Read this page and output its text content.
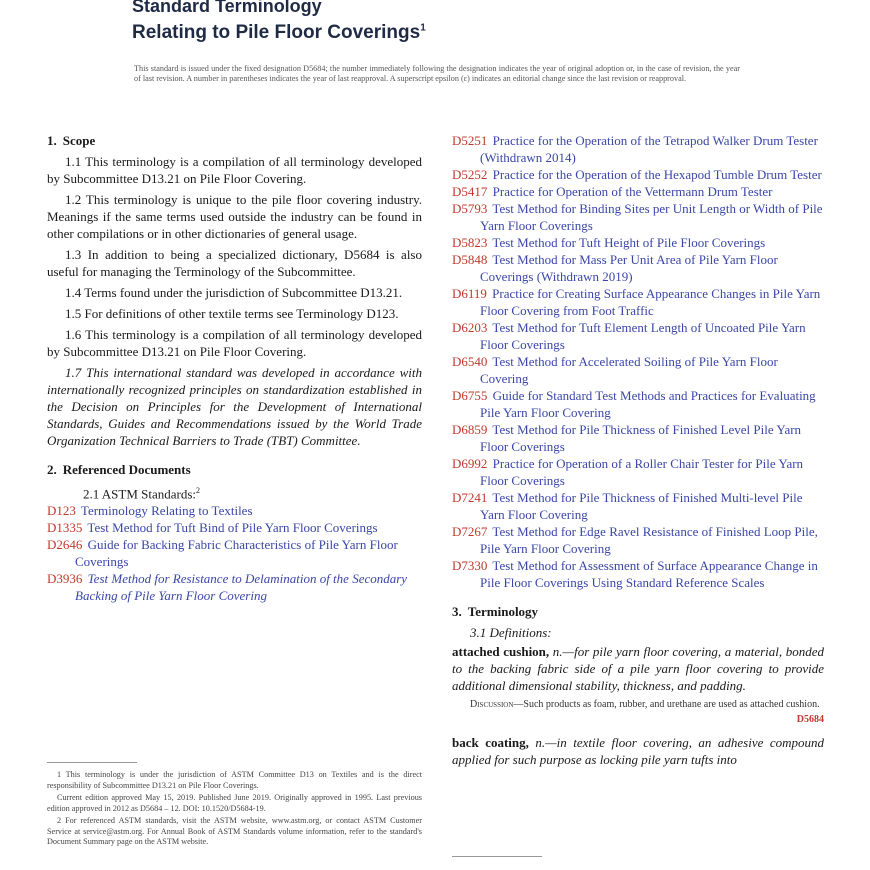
Standard Terminology
Relating to Pile Floor Coverings$^1$
This standard is issued under the fixed designation D5684; the number immediately following the designation indicates the year of original adoption or, in the case of revision, the year of last revision. A number in parentheses indicates the year of last reapproval. A superscript epsilon (ε) indicates an editorial change since the last revision or reapproval.
1. Scope

1.1 This terminology is a compilation of all terminology developed by Subcommittee D13.21 on Pile Floor Covering.

1.2 This terminology is unique to the pile floor covering industry. Meanings if the same terms used outside the industry can be found in other compilations or in other dictionaries of general usage.

1.3 In addition to being a specialized dictionary, D5684 is also useful for managing the Terminology of the Subcommittee.

1.4 Terms found under the jurisdiction of Subcommittee D13.21.

1.5 For definitions of other textile terms see Terminology D123.

1.6 This terminology is a compilation of all terminology developed by Subcommittee D13.21 on Pile Floor Covering.

1.7 This international standard was developed in accordance with internationally recognized principles on standardization established in the Decision on Principles for the Development of International Standards, Guides and Recommendations issued by the World Trade Organization Technical Barriers to Trade (TBT) Committee.

2. Referenced Documents

2.1 ASTM Standards:$^2$

D123 Terminology Relating to Textiles
D1335 Test Method for Tuft Bind of Pile Yarn Floor Coverings
D2646 Guide for Backing Fabric Characteristics of Pile Yarn Floor Coverings
D3936 Test Method for Resistance to Delamination of the Secondary Backing of Pile Yarn Floor Covering

1 This terminology is under the jurisdiction of ASTM Committee D13 on Textiles and is the direct responsibility of Subcommittee D13.21 on Pile Floor Coverings.

Current edition approved May 15, 2019. Published June 2019. Originally approved in 1995. Last previous edition approved in 2012 as D5684 – 12. DOI: 10.1520/D5684-19.

2 For referenced ASTM standards, visit the ASTM website, www.astm.org, or contact ASTM Customer Service at service@astm.org. For Annual Book of ASTM Standards volume information, refer to the standard's Document Summary page on the ASTM website.

D5251 Practice for the Operation of the Tetrapod Walker Drum Tester (Withdrawn 2014)
D5252 Practice for the Operation of the Hexapod Tumble Drum Tester
D5417 Practice for Operation of the Vettermann Drum Tester
D5793 Test Method for Binding Sites per Unit Length or Width of Pile Yarn Floor Coverings
D5823 Test Method for Tuft Height of Pile Floor Coverings
D5848 Test Method for Mass Per Unit Area of Pile Yarn Floor Coverings (Withdrawn 2019)
D6119 Practice for Creating Surface Appearance Changes in Pile Yarn Floor Covering from Foot Traffic
D6203 Test Method for Tuft Element Length of Uncoated Pile Yarn Floor Coverings
D6540 Test Method for Accelerated Soiling of Pile Yarn Floor Covering
D6755 Guide for Standard Test Methods and Practices for Evaluating Pile Yarn Floor Covering
D6859 Test Method for Pile Thickness of Finished Level Pile Yarn Floor Coverings
D6992 Practice for Operation of a Roller Chair Tester for Pile Yarn Floor Coverings
D7241 Test Method for Pile Thickness of Finished Multi-level Pile Yarn Floor Covering
D7267 Test Method for Edge Ravel Resistance of Finished Loop Pile, Pile Yarn Floor Covering
D7330 Test Method for Assessment of Surface Appearance Change in Pile Floor Coverings Using Standard Reference Scales
3. Terminology
3.1 Definitions:

attached cushion, n.—for pile yarn floor covering, a material, bonded to the backing fabric side of a pile yarn floor covering to provide additional dimensional stability, thickness, and padding.

Discussion—Such products as foam, rubber, and urethane are used as attached cushion.
D5684

back coating, n.—in textile floor covering, an adhesive compound applied for such purpose as locking pile yarn tufts into
